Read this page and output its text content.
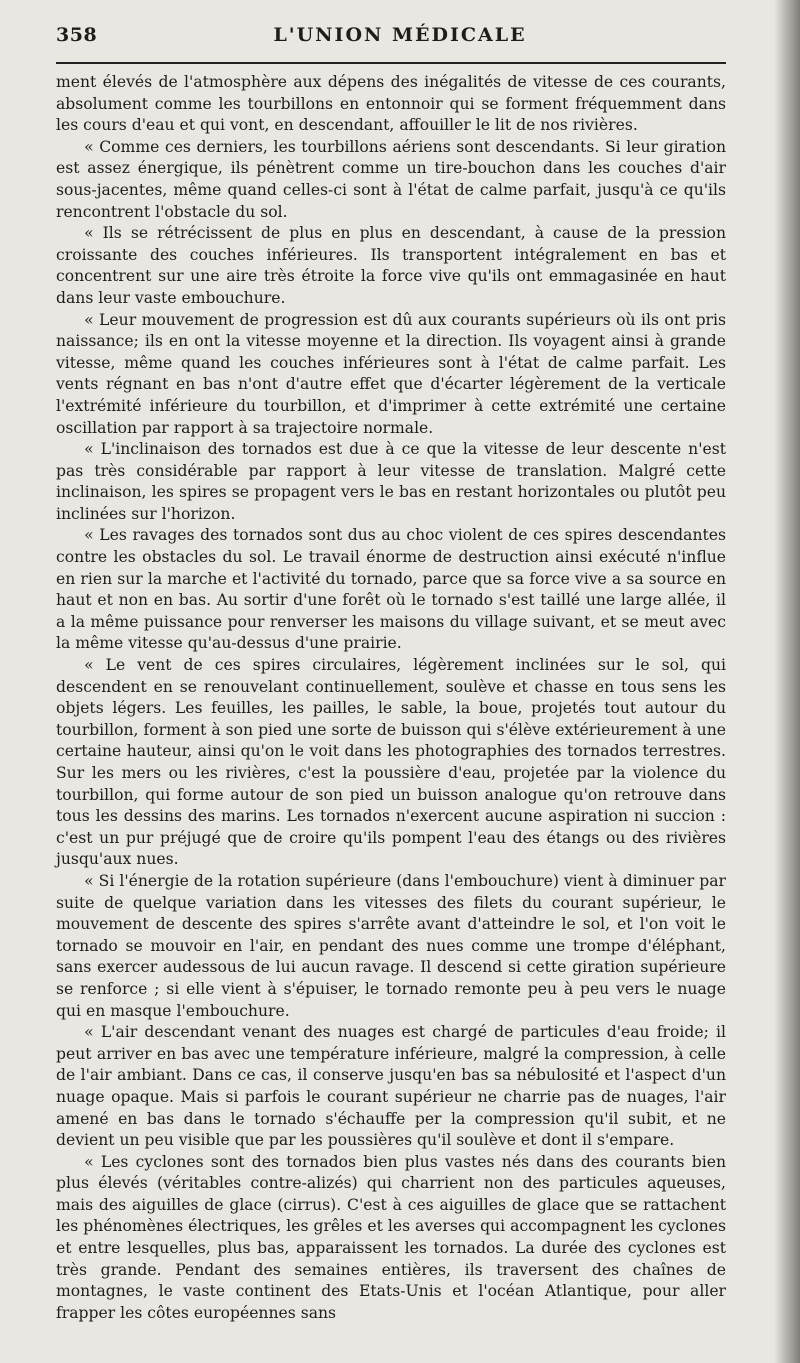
358	L'UNION MÉDICALE

ment élevés de l'atmosphère aux dépens des inégalités de vitesse de ces courants, absolument comme les tourbillons en entonnoir qui se forment fréquemment dans les cours d'eau et qui vont, en descendant, affouiller le lit de nos rivières.

« Comme ces derniers, les tourbillons aériens sont descendants. Si leur giration est assez énergique, ils pénètrent comme un tire-bouchon dans les couches d'air sous-jacentes, même quand celles-ci sont à l'état de calme parfait, jusqu'à ce qu'ils rencontrent l'obstacle du sol.

« Ils se rétrécissent de plus en plus en descendant, à cause de la pression croissante des couches inférieures. Ils transportent intégralement en bas et concentrent sur une aire très étroite la force vive qu'ils ont emmagasinée en haut dans leur vaste embouchure.

« Leur mouvement de progression est dû aux courants supérieurs où ils ont pris naissance; ils en ont la vitesse moyenne et la direction. Ils voyagent ainsi à grande vitesse, même quand les couches inférieures sont à l'état de calme parfait. Les vents régnant en bas n'ont d'autre effet que d'écarter légèrement de la verticale l'extrémité inférieure du tourbillon, et d'imprimer à cette extrémité une certaine oscillation par rapport à sa trajectoire normale.

« L'inclinaison des tornados est due à ce que la vitesse de leur descente n'est pas très considérable par rapport à leur vitesse de translation. Malgré cette inclinaison, les spires se propagent vers le bas en restant horizontales ou plutôt peu inclinées sur l'horizon.

« Les ravages des tornados sont dus au choc violent de ces spires descendantes contre les obstacles du sol. Le travail énorme de destruction ainsi exécuté n'influe en rien sur la marche et l'activité du tornado, parce que sa force vive a sa source en haut et non en bas. Au sortir d'une forêt où le tornado s'est taillé une large allée, il a la même puissance pour renverser les maisons du village suivant, et se meut avec la même vitesse qu'au-dessus d'une prairie.

« Le vent de ces spires circulaires, légèrement inclinées sur le sol, qui descendent en se renouvelant continuellement, soulève et chasse en tous sens les objets légers. Les feuilles, les pailles, le sable, la boue, projetés tout autour du tourbillon, forment à son pied une sorte de buisson qui s'élève extérieurement à une certaine hauteur, ainsi qu'on le voit dans les photographies des tornados terrestres. Sur les mers ou les rivières, c'est la poussière d'eau, projetée par la violence du tourbillon, qui forme autour de son pied un buisson analogue qu'on retrouve dans tous les dessins des marins. Les tornados n'exercent aucune aspiration ni succion : c'est un pur préjugé que de croire qu'ils pompent l'eau des étangs ou des rivières jusqu'aux nues.

« Si l'énergie de la rotation supérieure (dans l'embouchure) vient à diminuer par suite de quelque variation dans les vitesses des filets du courant supérieur, le mouvement de descente des spires s'arrête avant d'atteindre le sol, et l'on voit le tornado se mouvoir en l'air, en pendant des nues comme une trompe d'éléphant, sans exercer audessous de lui aucun ravage. Il descend si cette giration supérieure se renforce ; si elle vient à s'épuiser, le tornado remonte peu à peu vers le nuage qui en masque l'embouchure.

« L'air descendant venant des nuages est chargé de particules d'eau froide; il peut arriver en bas avec une température inférieure, malgré la compression, à celle de l'air ambiant. Dans ce cas, il conserve jusqu'en bas sa nébulosité et l'aspect d'un nuage opaque. Mais si parfois le courant supérieur ne charrie pas de nuages, l'air amené en bas dans le tornado s'échauffe per la compression qu'il subit, et ne devient un peu visible que par les poussières qu'il soulève et dont il s'empare.

« Les cyclones sont des tornados bien plus vastes nés dans des courants bien plus élevés (véritables contre-alizés) qui charrient non des particules aqueuses, mais des aiguilles de glace (cirrus). C'est à ces aiguilles de glace que se rattachent les phénomènes électriques, les grêles et les averses qui accompagnent les cyclones et entre lesquelles, plus bas, apparaissent les tornados. La durée des cyclones est très grande. Pendant des semaines entières, ils traversent des chaînes de montagnes, le vaste continent des Etats-Unis et l'océan Atlantique, pour aller frapper les côtes européennes sans
